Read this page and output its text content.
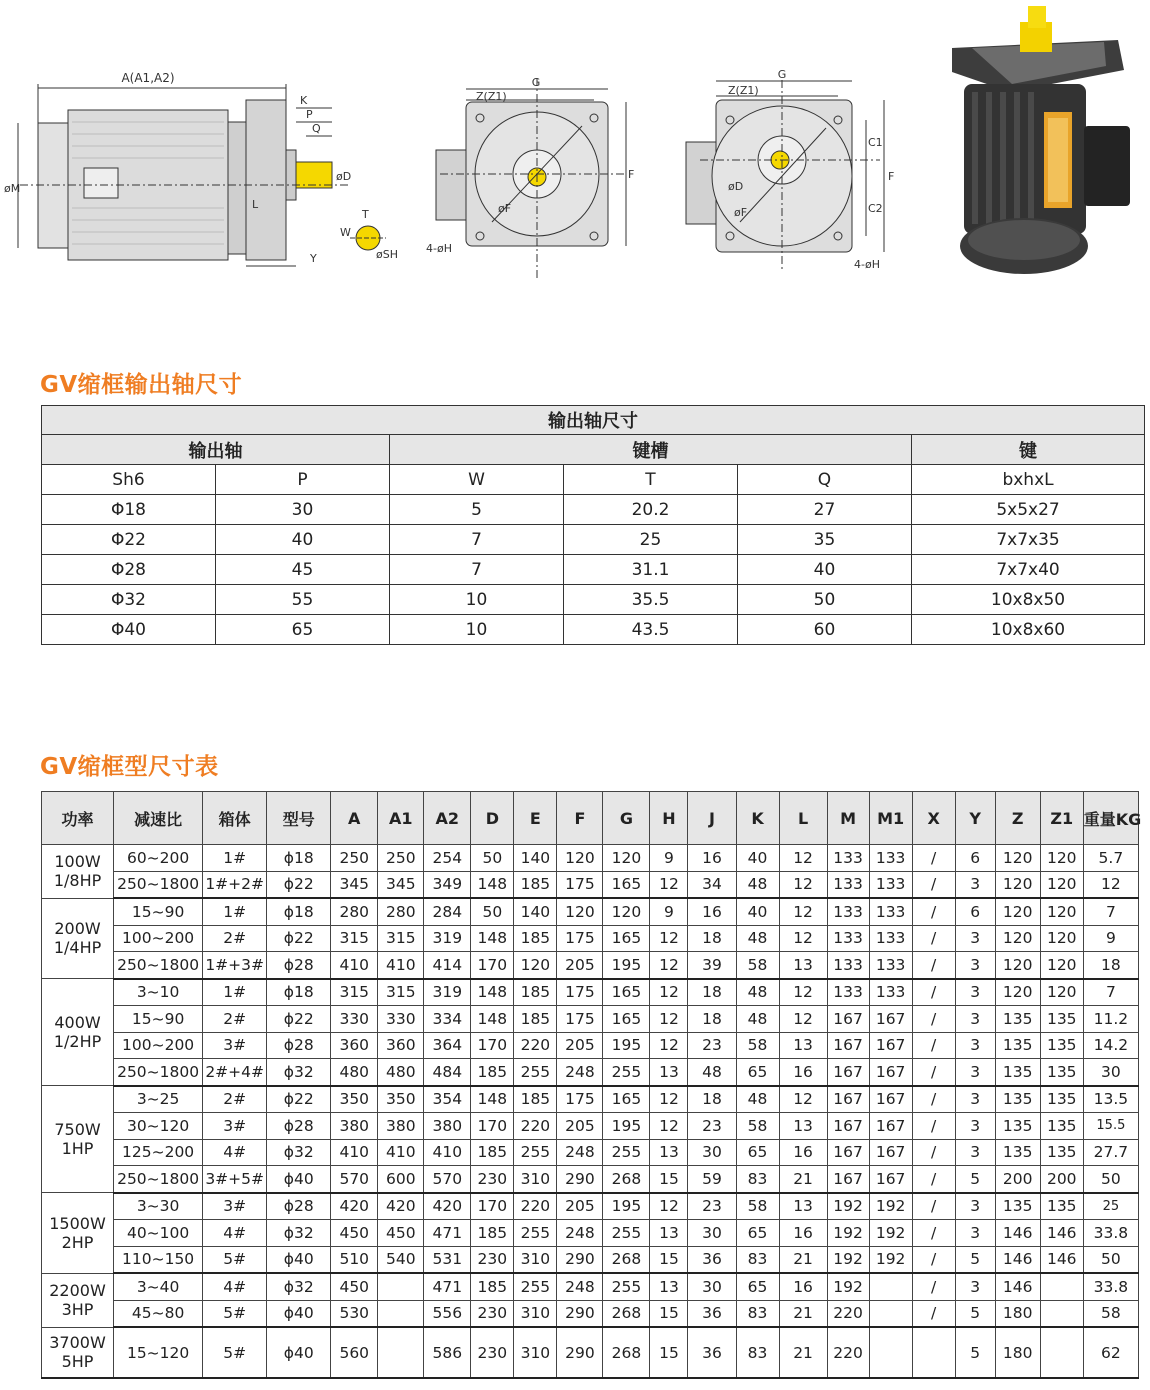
A(A1,A2)
K
P
Q
øD
øM
L
Y
W
T
øSH
G
Z(Z1)
øF
F
4-øH
G
Z(Z1)
øD
øF
C1
C2
F
4-øH
GV缩框输出轴尺寸
输出轴尺寸					
输出轴		键槽			键
Sh6	P	W	T	Q	bxhxL
Φ18	30	5	20.2	27	5x5x27
Φ22	40	7	25	35	7x7x35
Φ28	45	7	31.1	40	7x7x40
Φ32	55	10	35.5	50	10x8x50
Φ40	65	10	43.5	60	10x8x60
GV缩框型尺寸表
功率	减速比	箱体	型号	A	A1	A2	D	E	F	G	H	J	K	L	M	M1	X	Y	Z	Z1	重量KG
100W 1/8HP	60~200	1#	ϕ18	250	250	254	50	140	120	120	9	16	40	12	133	133	/	6	120	120	5.7
	250~1800	1#+2#	ϕ22	345	345	349	148	185	175	165	12	34	48	12	133	133	/	3	120	120	12
200W 1/4HP	15~90	1#	ϕ18	280	280	284	50	140	120	120	9	16	40	12	133	133	/	6	120	120	7
	100~200	2#	ϕ22	315	315	319	148	185	175	165	12	18	48	12	133	133	/	3	120	120	9
	250~1800	1#+3#	ϕ28	410	410	414	170	120	205	195	12	39	58	13	133	133	/	3	120	120	18
400W 1/2HP	3~10	1#	ϕ18	315	315	319	148	185	175	165	12	18	48	12	133	133	/	3	120	120	7
	15~90	2#	ϕ22	330	330	334	148	185	175	165	12	18	48	12	167	167	/	3	135	135	11.2
	100~200	3#	ϕ28	360	360	364	170	220	205	195	12	23	58	13	167	167	/	3	135	135	14.2
	250~1800	2#+4#	ϕ32	480	480	484	185	255	248	255	13	48	65	16	167	167	/	3	135	135	30
750W 1HP	3~25	2#	ϕ22	350	350	354	148	185	175	165	12	18	48	12	167	167	/	3	135	135	13.5
	30~120	3#	ϕ28	380	380	380	170	220	205	195	12	23	58	13	167	167	/	3	135	135	15.5
	125~200	4#	ϕ32	410	410	410	185	255	248	255	13	30	65	16	167	167	/	3	135	135	27.7
	250~1800	3#+5#	ϕ40	570	600	570	230	310	290	268	15	59	83	21	167	167	/	5	200	200	50
1500W 2HP	3~30	3#	ϕ28	420	420	420	170	220	205	195	12	23	58	13	192	192	/	3	135	135	25
	40~100	4#	ϕ32	450	450	471	185	255	248	255	13	30	65	16	192	192	/	3	146	146	33.8
	110~150	5#	ϕ40	510	540	531	230	310	290	268	15	36	83	21	192	192	/	5	146	146	50
2200W 3HP	3~40	4#	ϕ32	450		471	185	255	248	255	13	30	65	16	192		/	3	146		33.8
	45~80	5#	ϕ40	530		556	230	310	290	268	15	36	83	21	220		/	5	180		58
3700W 5HP	15~120	5#	ϕ40	560		586	230	310	290	268	15	36	83	21	220			5	180		62
